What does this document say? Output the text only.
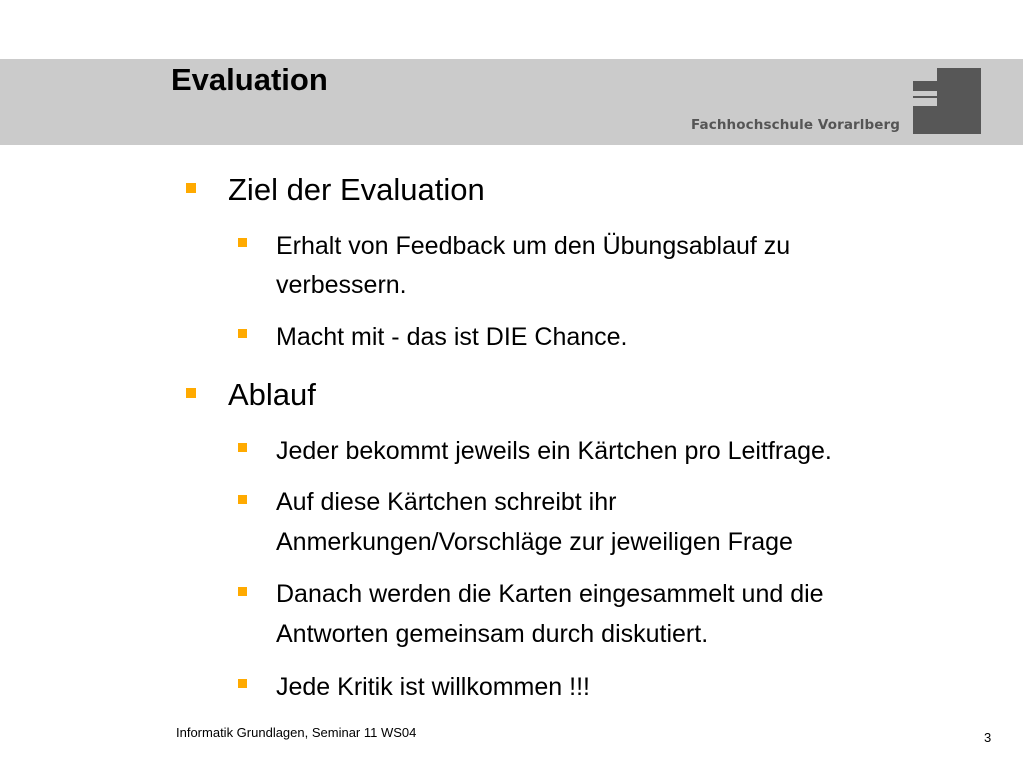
Evaluation
Fachhochschule Vorarlberg
Ziel der Evaluation
Erhalt von Feedback um den Übungsablauf zu
verbessern.
Macht mit - das ist DIE Chance.
Ablauf
Jeder bekommt jeweils ein Kärtchen pro Leitfrage.
Auf diese Kärtchen schreibt ihr
Anmerkungen/Vorschläge zur jeweiligen Frage
Danach werden die Karten eingesammelt und die
Antworten gemeinsam durch diskutiert.
Jede Kritik ist willkommen !!!
Informatik Grundlagen, Seminar 11 WS04	3
